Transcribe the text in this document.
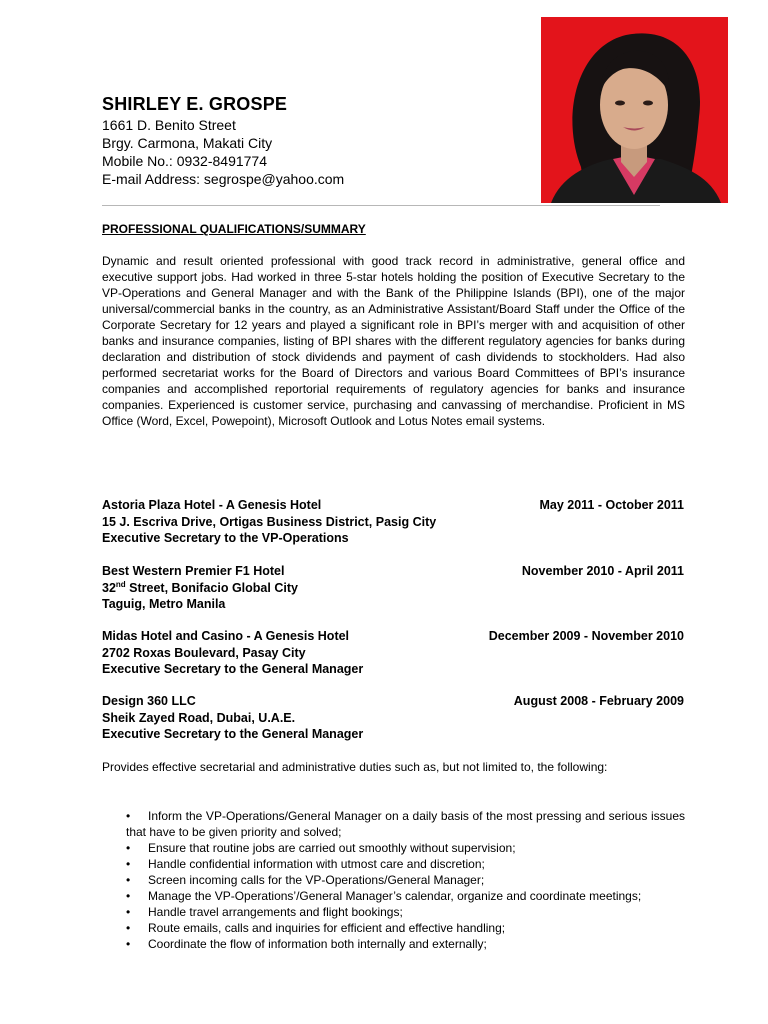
SHIRLEY E. GROSPE
1661 D. Benito Street
Brgy. Carmona, Makati City
Mobile No.: 0932-8491774
E-mail Address: segrospe@yahoo.com
PROFESSIONAL QUALIFICATIONS/SUMMARY
Dynamic and result oriented professional with good track record in administrative, general office and executive support jobs. Had worked in three 5-star hotels holding the position of Executive Secretary to the VP-Operations and General Manager and with the Bank of the Philippine Islands (BPI), one of the major universal/commercial banks in the country, as an Administrative Assistant/Board Staff under the Office of the Corporate Secretary for 12 years and played a significant role in BPI’s merger with and acquisition of other banks and insurance companies, listing of BPI shares with the different regulatory agencies for banks during declaration and distribution of stock dividends and payment of cash dividends to stockholders. Had also performed secretariat works for the Board of Directors and various Board Committees of BPI’s insurance companies and accomplished reportorial requirements of regulatory agencies for banks and insurance companies. Experienced is customer service, purchasing and canvassing of merchandise. Proficient in MS Office (Word, Excel, Powepoint), Microsoft Outlook and Lotus Notes email systems.
Astoria Plaza Hotel - A Genesis Hotel	May 2011 - October 2011
15 J. Escriva Drive, Ortigas Business District, Pasig City
Executive Secretary to the VP-Operations
Best Western Premier F1 Hotel	November 2010 - April 2011
32nd Street, Bonifacio Global City
Taguig, Metro Manila
Midas Hotel and Casino - A Genesis Hotel	December 2009 - November 2010
2702 Roxas Boulevard, Pasay City
Executive Secretary to the General Manager
Design 360 LLC	August 2008 - February 2009
Sheik Zayed Road, Dubai, U.A.E.
Executive Secretary to the General Manager
Provides effective secretarial and administrative duties such as, but not limited to, the following:
• Inform the VP-Operations/General Manager on a daily basis of the most pressing and serious issues that have to be given priority and solved;
• Ensure that routine jobs are carried out smoothly without supervision;
• Handle confidential information with utmost care and discretion;
• Screen incoming calls for the VP-Operations/General Manager;
• Manage the VP-Operations’/General Manager’s calendar, organize and coordinate meetings;
• Handle travel arrangements and flight bookings;
• Route emails, calls and inquiries for efficient and effective handling;
• Coordinate the flow of information both internally and externally;
